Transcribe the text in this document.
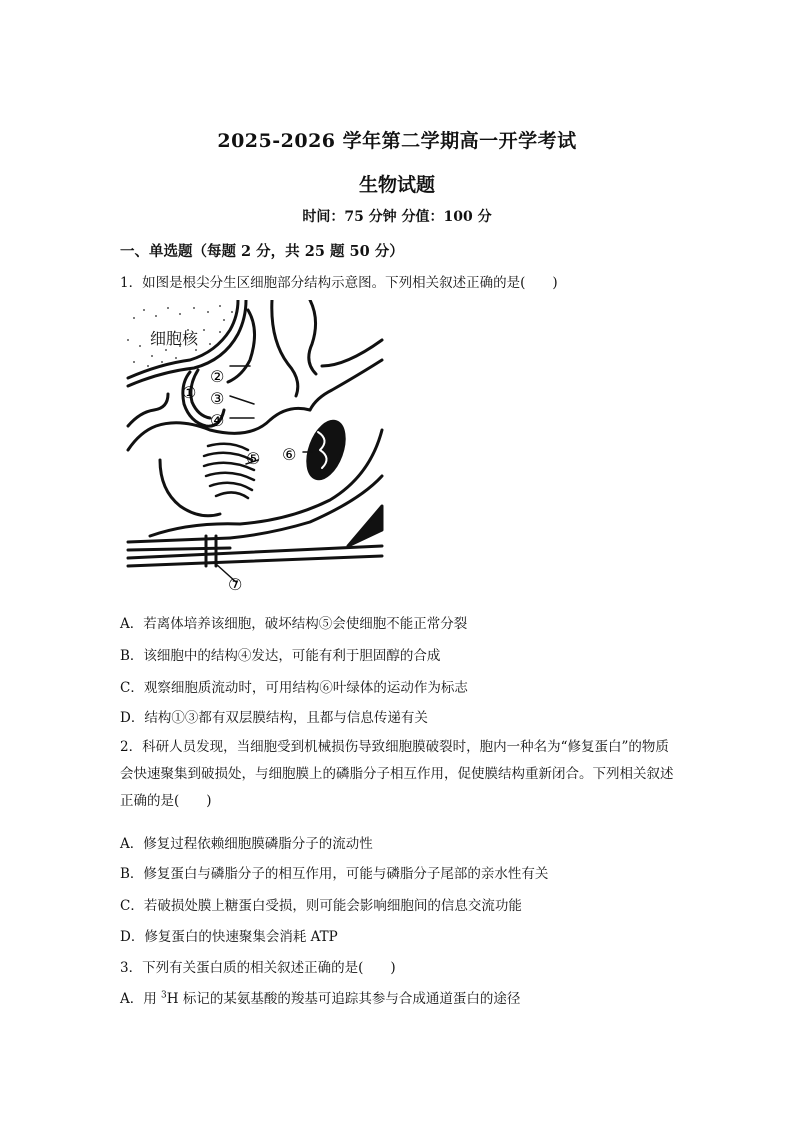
2025-2026 学年第二学期高一开学考试
生物试题
时间：75 分钟 分值：100 分
一、单选题（每题 2 分，共 25 题 50 分）
1．如图是根尖分生区细胞部分结构示意图。下列相关叙述正确的是(　　)
细胞核
①
②
③
④
⑤ ⑥
⑦
A．若离体培养该细胞，破坏结构⑤会使细胞不能正常分裂
B．该细胞中的结构④发达，可能有利于胆固醇的合成
C．观察细胞质流动时，可用结构⑥叶绿体的运动作为标志
D．结构①③都有双层膜结构，且都与信息传递有关
2．科研人员发现，当细胞受到机械损伤导致细胞膜破裂时，胞内一种名为“修复蛋白”的物质会快速聚集到破损处，与细胞膜上的磷脂分子相互作用，促使膜结构重新闭合。下列相关叙述正确的是(　　)
A．修复过程依赖细胞膜磷脂分子的流动性
B．修复蛋白与磷脂分子的相互作用，可能与磷脂分子尾部的亲水性有关
C．若破损处膜上糖蛋白受损，则可能会影响细胞间的信息交流功能
D．修复蛋白的快速聚集会消耗 ATP
3．下列有关蛋白质的相关叙述正确的是(　　)
A．用 $^3$H 标记的某氨基酸的羧基可追踪其参与合成通道蛋白的途径
